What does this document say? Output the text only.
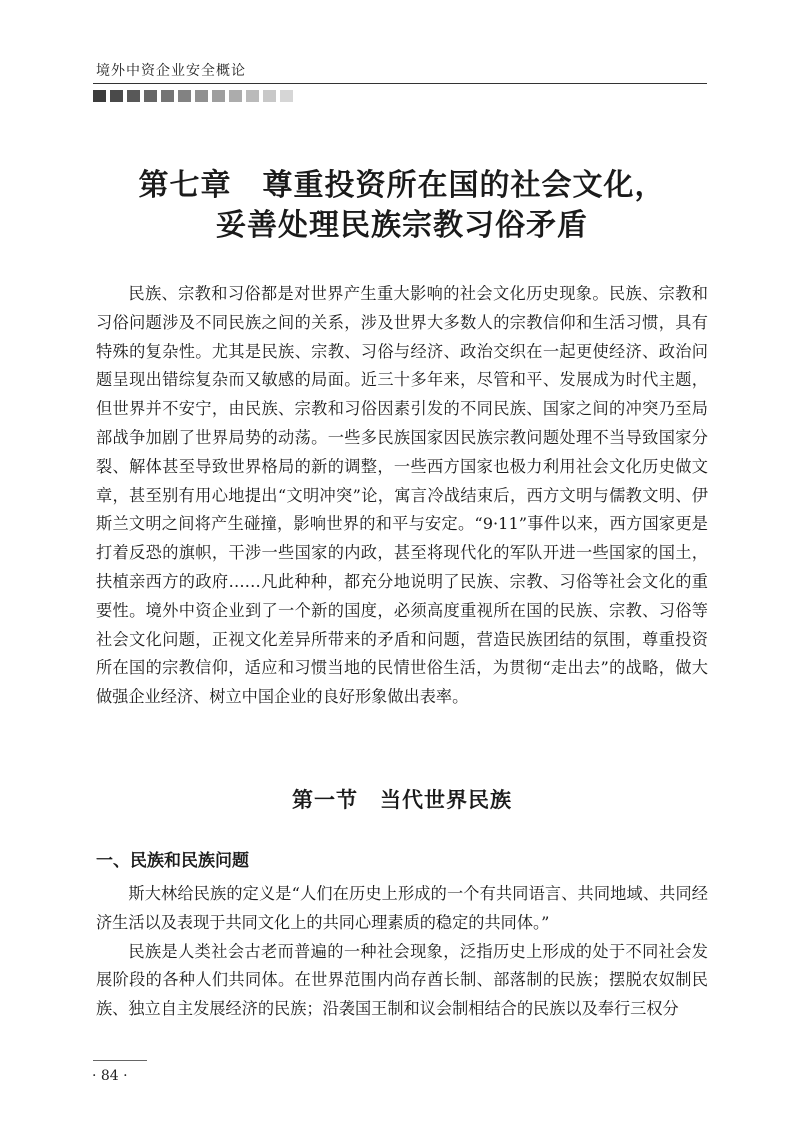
境外中资企业安全概论
第七章　尊重投资所在国的社会文化，
妥善处理民族宗教习俗矛盾

民族、宗教和习俗都是对世界产生重大影响的社会文化历史现象。民族、宗教和习俗问题涉及不同民族之间的关系，涉及世界大多数人的宗教信仰和生活习惯，具有特殊的复杂性。尤其是民族、宗教、习俗与经济、政治交织在一起更使经济、政治问题呈现出错综复杂而又敏感的局面。近三十多年来，尽管和平、发展成为时代主题，但世界并不安宁，由民族、宗教和习俗因素引发的不同民族、国家之间的冲突乃至局部战争加剧了世界局势的动荡。一些多民族国家因民族宗教问题处理不当导致国家分裂、解体甚至导致世界格局的新的调整，一些西方国家也极力利用社会文化历史做文章，甚至别有用心地提出“文明冲突”论，寓言冷战结束后，西方文明与儒教文明、伊斯兰文明之间将产生碰撞，影响世界的和平与安定。“9·11”事件以来，西方国家更是打着反恐的旗帜，干涉一些国家的内政，甚至将现代化的军队开进一些国家的国土，扶植亲西方的政府……凡此种种，都充分地说明了民族、宗教、习俗等社会文化的重要性。境外中资企业到了一个新的国度，必须高度重视所在国的民族、宗教、习俗等社会文化问题，正视文化差异所带来的矛盾和问题，营造民族团结的氛围，尊重投资所在国的宗教信仰，适应和习惯当地的民情世俗生活，为贯彻“走出去”的战略，做大做强企业经济、树立中国企业的良好形象做出表率。

第一节　当代世界民族
一、民族和民族问题

斯大林给民族的定义是“人们在历史上形成的一个有共同语言、共同地域、共同经济生活以及表现于共同文化上的共同心理素质的稳定的共同体。”

民族是人类社会古老而普遍的一种社会现象，泛指历史上形成的处于不同社会发展阶段的各种人们共同体。在世界范围内尚存酋长制、部落制的民族；摆脱农奴制民族、独立自主发展经济的民族；沿袭国王制和议会制相结合的民族以及奉行三权分

· 84 ·
